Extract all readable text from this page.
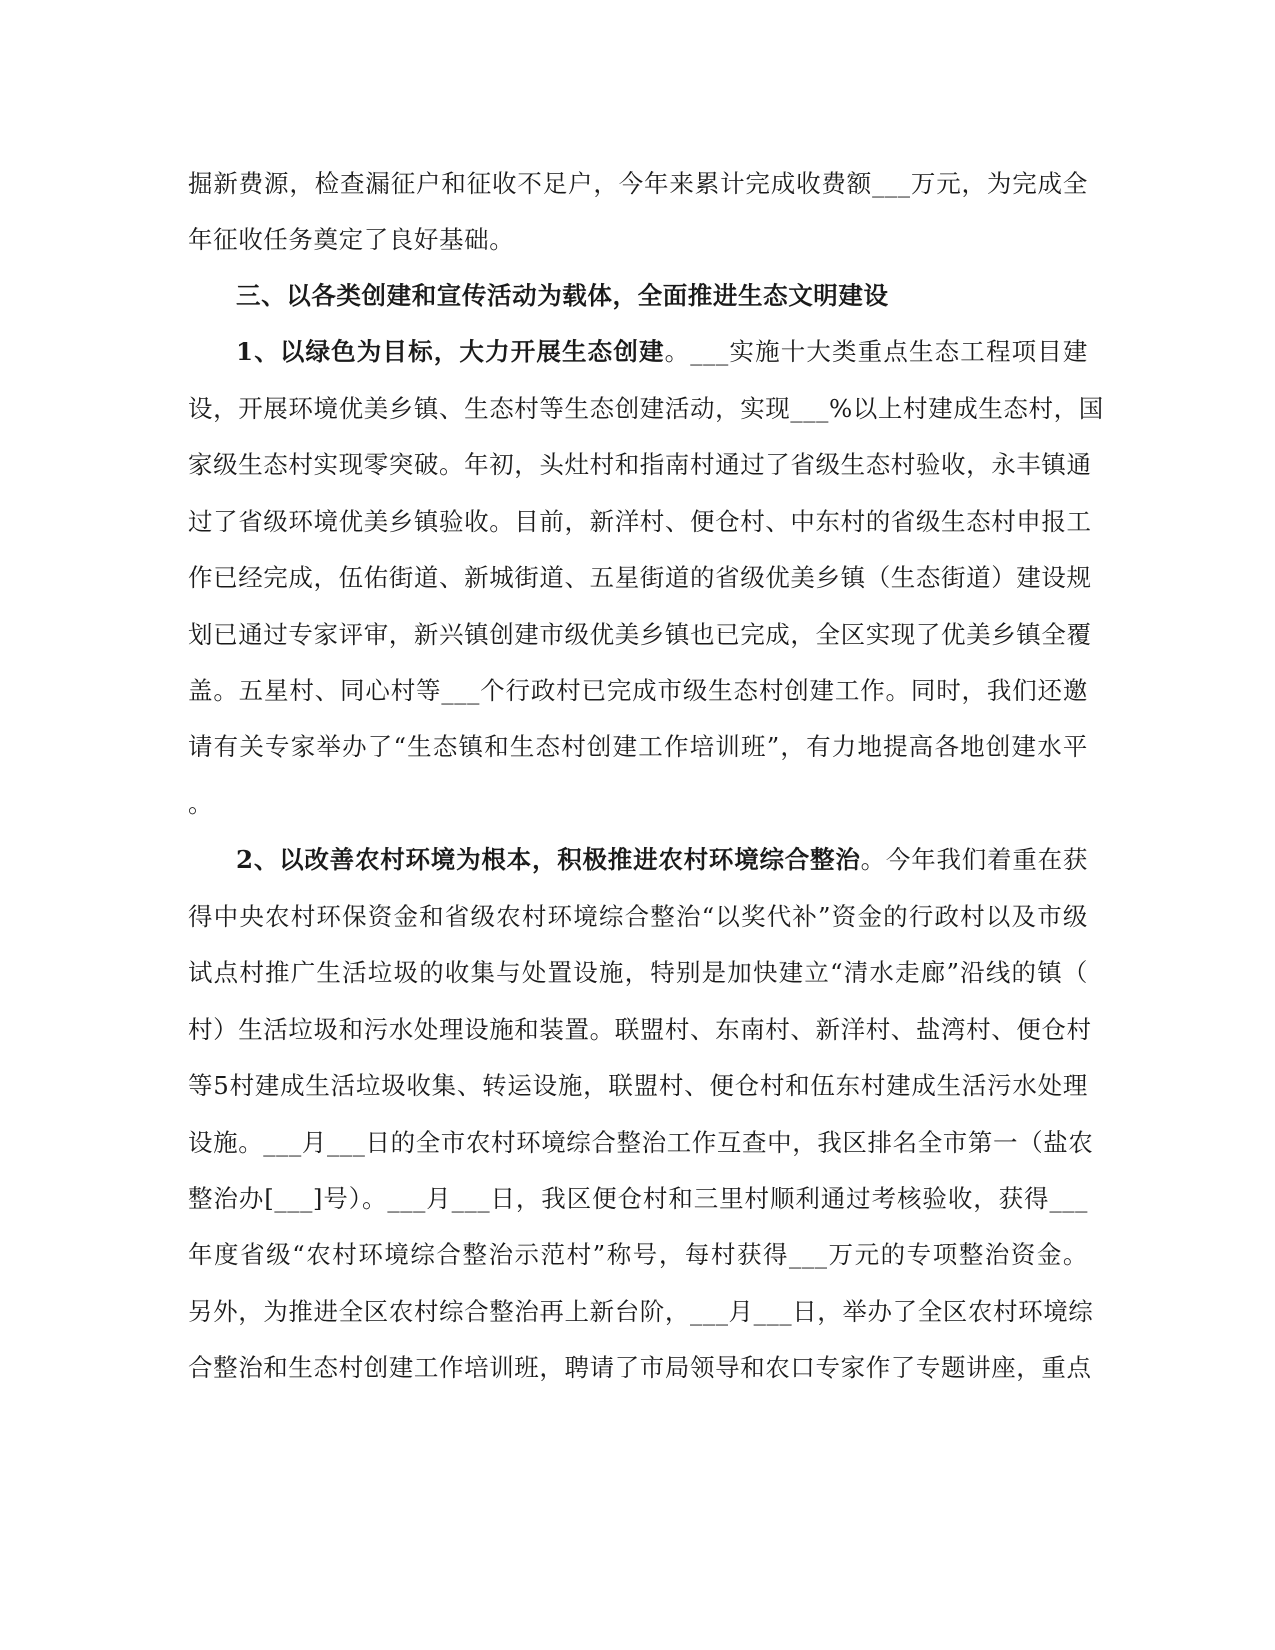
掘新费源，检查漏征户和征收不足户，今年来累计完成收费额___万元，为完成全
年征收任务奠定了良好基础。
三、以各类创建和宣传活动为载体，全面推进生态文明建设
1、以绿色为目标，大力开展生态创建。___实施十大类重点生态工程项目建
设，开展环境优美乡镇、生态村等生态创建活动，实现___%以上村建成生态村，国
家级生态村实现零突破。年初，头灶村和指南村通过了省级生态村验收，永丰镇通
过了省级环境优美乡镇验收。目前，新洋村、便仓村、中东村的省级生态村申报工
作已经完成，伍佑街道、新城街道、五星街道的省级优美乡镇（生态街道）建设规
划已通过专家评审，新兴镇创建市级优美乡镇也已完成，全区实现了优美乡镇全覆
盖。五星村、同心村等___个行政村已完成市级生态村创建工作。同时，我们还邀
请有关专家举办了“生态镇和生态村创建工作培训班”，有力地提高各地创建水平
。
2、以改善农村环境为根本，积极推进农村环境综合整治。今年我们着重在获
得中央农村环保资金和省级农村环境综合整治“以奖代补”资金的行政村以及市级
试点村推广生活垃圾的收集与处置设施，特别是加快建立“清水走廊”沿线的镇（
村）生活垃圾和污水处理设施和装置。联盟村、东南村、新洋村、盐湾村、便仓村
等5村建成生活垃圾收集、转运设施，联盟村、便仓村和伍东村建成生活污水处理
设施。___月___日的全市农村环境综合整治工作互查中，我区排名全市第一（盐农
整治办[___]号）。___月___日，我区便仓村和三里村顺利通过考核验收，获得___
年度省级“农村环境综合整治示范村”称号，每村获得___万元的专项整治资金。
另外，为推进全区农村综合整治再上新台阶，___月___日，举办了全区农村环境综
合整治和生态村创建工作培训班，聘请了市局领导和农口专家作了专题讲座，重点
